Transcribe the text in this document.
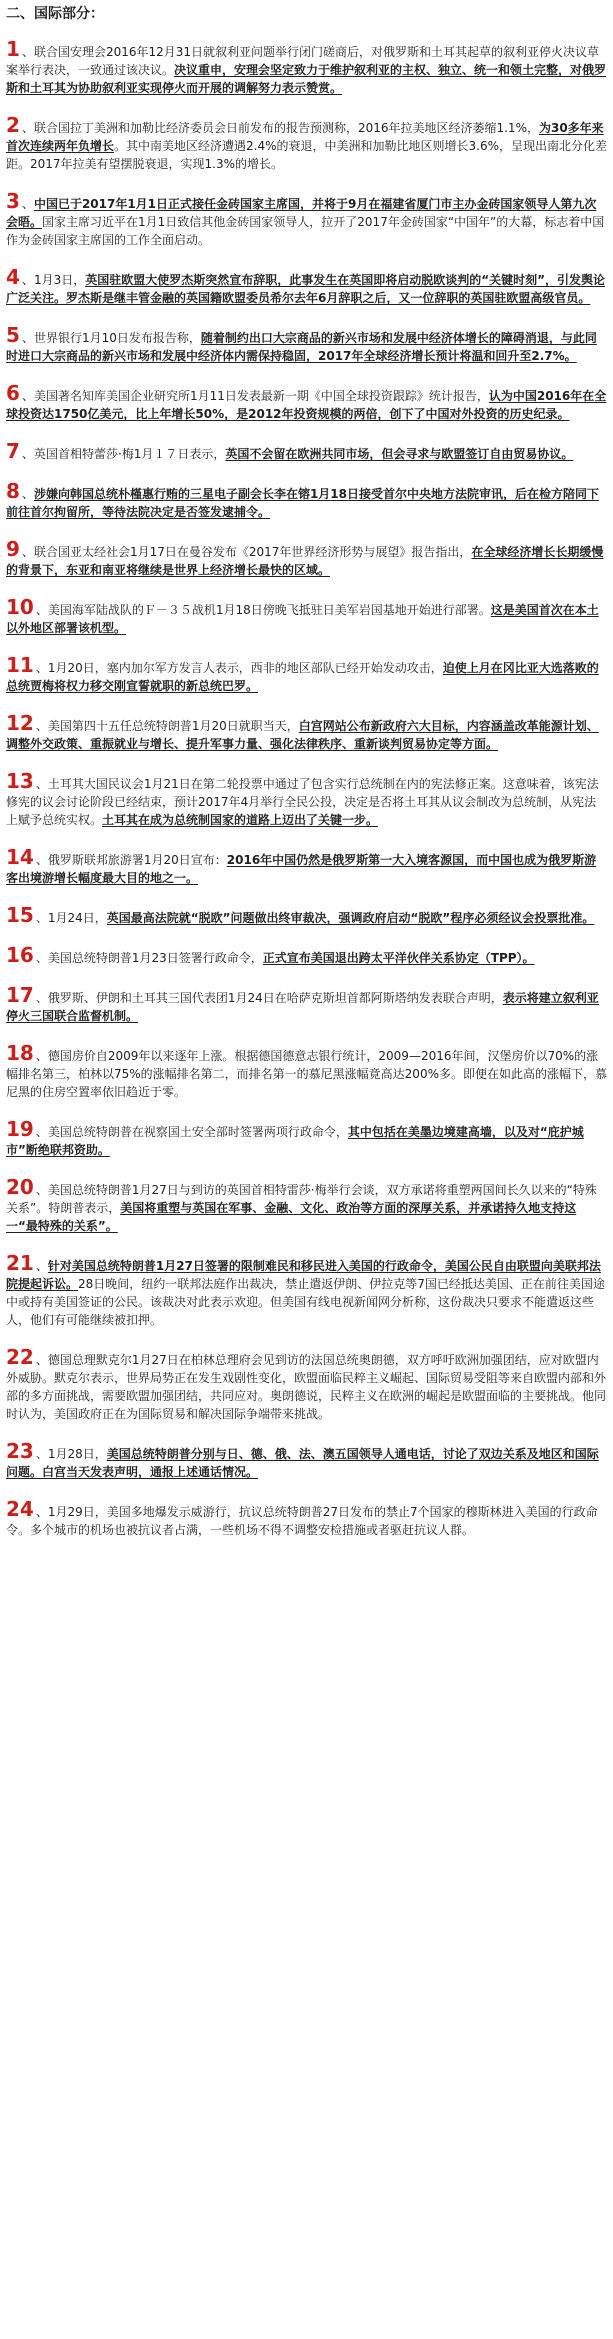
二、国际部分：

1 、联合国安理会2016年12月31日就叙利亚问题举行闭门磋商后，对俄罗斯和土耳其起草的叙利亚停火决议草案举行表决，一致通过该决议。决议重申，安理会坚定致力于维护叙利亚的主权、独立、统一和领土完整，对俄罗斯和土耳其为协助叙利亚实现停火而开展的调解努力表示赞赏。

2 、联合国拉丁美洲和加勒比经济委员会日前发布的报告预测称，2016年拉美地区经济萎缩1.1%，为30多年来首次连续两年负增长。其中南美地区经济遭遇2.4%的衰退，中美洲和加勒比地区则增长3.6%，呈现出南北分化差距。2017年拉美有望摆脱衰退，实现1.3%的增长。

3 、中国已于2017年1月1日正式接任金砖国家主席国，并将于9月在福建省厦门市主办金砖国家领导人第九次会晤。国家主席习近平在1月1日致信其他金砖国家领导人，拉开了2017年金砖国家“中国年”的大幕，标志着中国作为金砖国家主席国的工作全面启动。

4 、1月3日，英国驻欧盟大使罗杰斯突然宣布辞职，此事发生在英国即将启动脱欧谈判的“关键时刻”，引发舆论广泛关注。罗杰斯是继丰管金融的英国籍欧盟委员希尔去年6月辞职之后，又一位辞职的英国驻欧盟高级官员。

5 、世界银行1月10日发布报告称，随着制约出口大宗商品的新兴市场和发展中经济体增长的障碍消退，与此同时进口大宗商品的新兴市场和发展中经济体内需保持稳固，2017年全球经济增长预计将温和回升至2.7%。

6 、美国著名知库美国企业研究所1月11日发表最新一期《中国全球投资跟踪》统计报告，认为中国2016年在全球投资达1750亿美元，比上年增长50%，是2012年投资规模的两倍，创下了中国对外投资的历史纪录。

7 、英国首相特蕾莎·梅1月１７日表示，英国不会留在欧洲共同市场，但会寻求与欧盟签订自由贸易协议。

8 、涉嫌向韩国总统朴槿惠行贿的三星电子副会长李在镕1月18日接受首尔中央地方法院审讯，后在检方陪同下前往首尔拘留所，等待法院决定是否签发逮捕令。

9 、联合国亚太经社会1月17日在曼谷发布《2017年世界经济形势与展望》报告指出，在全球经济增长长期缓慢的背景下，东亚和南亚将继续是世界上经济增长最快的区域。

10 、美国海军陆战队的Ｆ－３５战机1月18日傍晚飞抵驻日美军岩国基地开始进行部署。这是美国首次在本土以外地区部署该机型。

11 、1月20日，塞内加尔军方发言人表示，西非的地区部队已经开始发动攻击，迫使上月在冈比亚大选落败的总统贾梅将权力移交刚宣誓就职的新总统巴罗。

12 、美国第四十五任总统特朗普1月20日就职当天，白宫网站公布新政府六大目标，内容涵盖改革能源计划、调整外交政策、重振就业与增长、提升军事力量、强化法律秩序、重新谈判贸易协定等方面。

13 、土耳其大国民议会1月21日在第二轮投票中通过了包含实行总统制在内的宪法修正案。这意味着，该宪法修宪的议会讨论阶段已经结束，预计2017年4月举行全民公投，决定是否将土耳其从议会制改为总统制，从宪法上赋予总统实权。土耳其在成为总统制国家的道路上迈出了关键一步。

14 、俄罗斯联邦旅游署1月20日宣布：2016年中国仍然是俄罗斯第一大入境客源国，而中国也成为俄罗斯游客出境游增长幅度最大目的地之一。

15 、1月24日，英国最高法院就“脱欧”问题做出终审裁决，强调政府启动“脱欧”程序必须经议会投票批准。

16 、美国总统特朗普1月23日签署行政命令，正式宣布美国退出跨太平洋伙伴关系协定（TPP）。

17 、俄罗斯、伊朗和土耳其三国代表团1月24日在哈萨克斯坦首都阿斯塔纳发表联合声明，表示将建立叙利亚停火三国联合监督机制。

18 、德国房价自2009年以来逐年上涨。根据德国德意志银行统计，2009—2016年间，汉堡房价以70%的涨幅排名第三，柏林以75%的涨幅排名第二，而排名第一的慕尼黑涨幅竟高达200%多。即便在如此高的涨幅下，慕尼黑的住房空置率依旧趋近于零。

19 、美国总统特朗普在视察国土安全部时签署两项行政命令，其中包括在美墨边境建高墙，以及对“庇护城市”断绝联邦资助。

20 、美国总统特朗普1月27日与到访的英国首相特雷莎·梅举行会谈，双方承诺将重塑两国间长久以来的“特殊关系”。特朗普表示，美国将重塑与英国在军事、金融、文化、政治等方面的深厚关系，并承诺持久地支持这一“最特殊的关系”。

21 、针对美国总统特朗普1月27日签署的限制难民和移民进入美国的行政命令，美国公民自由联盟向美联邦法院提起诉讼。28日晚间，纽约一联邦法庭作出裁决，禁止遣返伊朗、伊拉克等7国已经抵达美国、正在前往美国途中或持有美国签证的公民。该裁决对此表示欢迎。但美国有线电视新闻网分析称，这份裁决只要求不能遣返这些人，他们有可能继续被扣押。

22 、德国总理默克尔1月27日在柏林总理府会见到访的法国总统奥朗德，双方呼吁欧洲加强团结，应对欧盟内外威胁。默克尔表示，世界局势正在发生戏剧性变化，欧盟面临民粹主义崛起、国际贸易受阻等来自欧盟内部和外部的多方面挑战，需要欧盟加强团结，共同应对。奥朗德说，民粹主义在欧洲的崛起是欧盟面临的主要挑战。他同时认为，美国政府正在为国际贸易和解决国际争端带来挑战。

23 、1月28日，美国总统特朗普分别与日、德、俄、法、澳五国领导人通电话，讨论了双边关系及地区和国际问题。白宫当天发表声明，通报上述通话情况。

24 、1月29日，美国多地爆发示威游行，抗议总统特朗普27日发布的禁止7个国家的穆斯林进入美国的行政命令。多个城市的机场也被抗议者占满，一些机场不得不调整安检措施或者驱赶抗议人群。
